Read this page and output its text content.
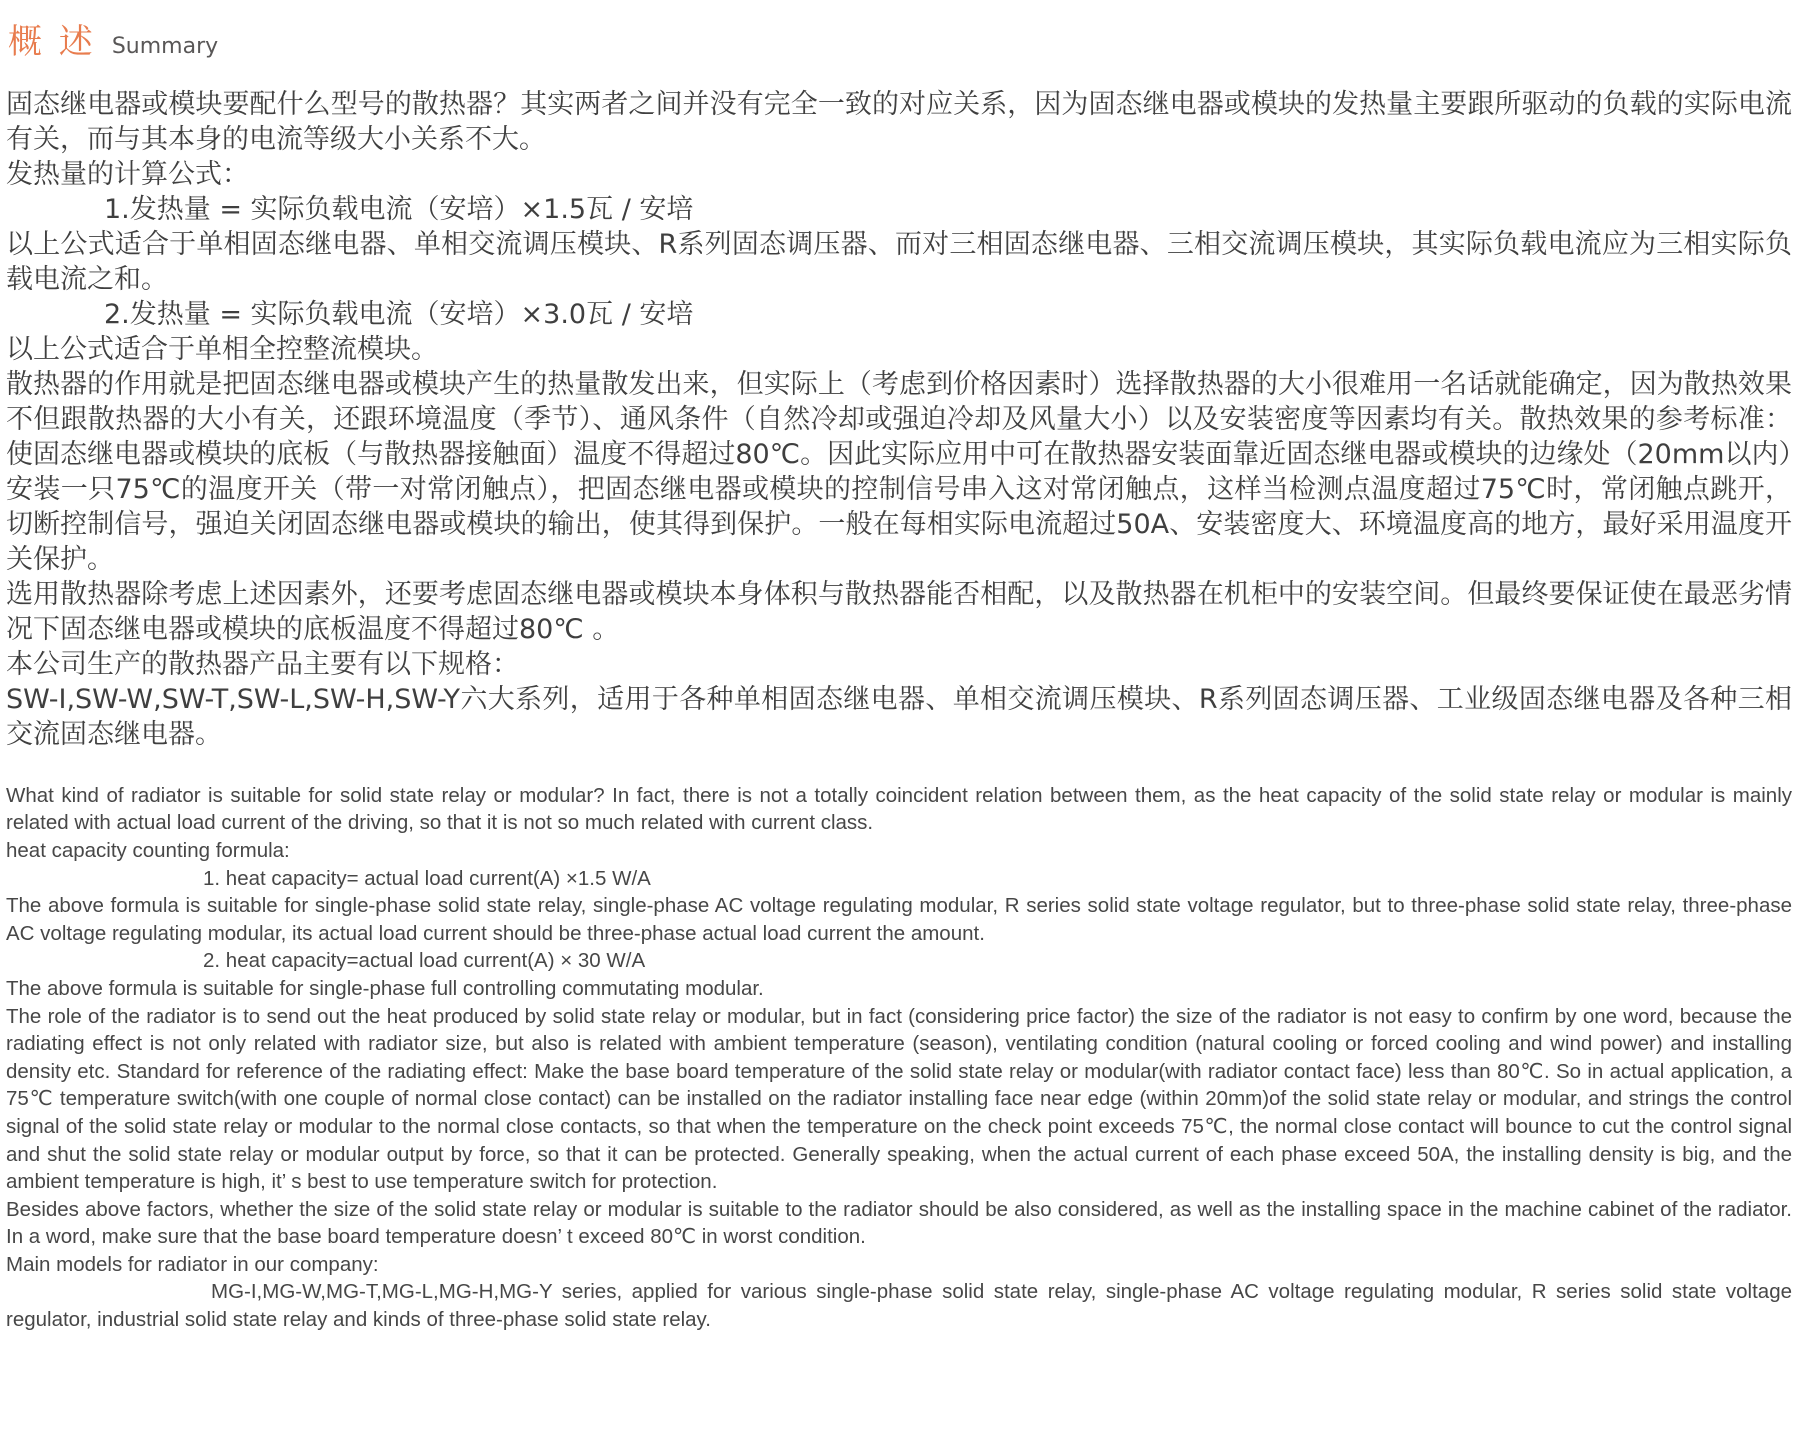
概 述 Summary

固态继电器或模块要配什么型号的散热器？其实两者之间并没有完全一致的对应关系，因为固态继电器或模块的发热量主要跟所驱动的负载的实际电流有关，而与其本身的电流等级大小关系不大。

发热量的计算公式：

1.发热量 = 实际负载电流（安培）×1.5瓦 / 安培

以上公式适合于单相固态继电器、单相交流调压模块、R系列固态调压器、而对三相固态继电器、三相交流调压模块，其实际负载电流应为三相实际负载电流之和。

2.发热量 = 实际负载电流（安培）×3.0瓦 / 安培

以上公式适合于单相全控整流模块。

散热器的作用就是把固态继电器或模块产生的热量散发出来，但实际上（考虑到价格因素时）选择散热器的大小很难用一名话就能确定，因为散热效果不但跟散热器的大小有关，还跟环境温度（季节）、通风条件（自然冷却或强迫冷却及风量大小）以及安装密度等因素均有关。散热效果的参考标准：使固态继电器或模块的底板（与散热器接触面）温度不得超过80℃。因此实际应用中可在散热器安装面靠近固态继电器或模块的边缘处（20mm以内）安装一只75℃的温度开关（带一对常闭触点），把固态继电器或模块的控制信号串入这对常闭触点，这样当检测点温度超过75℃时，常闭触点跳开，切断控制信号，强迫关闭固态继电器或模块的输出，使其得到保护。一般在每相实际电流超过50A、安装密度大、环境温度高的地方，最好采用温度开关保护。

选用散热器除考虑上述因素外，还要考虑固态继电器或模块本身体积与散热器能否相配，以及散热器在机柜中的安装空间。但最终要保证使在最恶劣情况下固态继电器或模块的底板温度不得超过80℃ 。

本公司生产的散热器产品主要有以下规格：

SW-I,SW-W,SW-T,SW-L,SW-H,SW-Y六大系列，适用于各种单相固态继电器、单相交流调压模块、R系列固态调压器、工业级固态继电器及各种三相交流固态继电器。

What kind of radiator is suitable for solid state relay or modular? In fact, there is not a totally coincident relation between them, as the heat capacity of the solid state relay or modular is mainly related with actual load current of the driving, so that it is not so much related with current class.

heat capacity counting formula:

1. heat capacity= actual load current(A) ×1.5 W/A

The above formula is suitable for single-phase solid state relay, single-phase AC voltage regulating modular, R series solid state voltage regulator, but to three-phase solid state relay, three-phase AC voltage regulating modular, its actual load current should be three-phase actual load current the amount.

2. heat capacity=actual load current(A) × 30 W/A

The above formula is suitable for single-phase full controlling commutating modular.

The role of the radiator is to send out the heat produced by solid state relay or modular, but in fact (considering price factor) the size of the radiator is not easy to confirm by one word, because the radiating effect is not only related with radiator size, but also is related with ambient temperature (season), ventilating condition (natural cooling or forced cooling and wind power) and installing density etc. Standard for reference of the radiating effect: Make the base board temperature of the solid state relay or modular(with radiator contact face) less than 80℃. So in actual application, a 75℃ temperature switch(with one couple of normal close contact) can be installed on the radiator installing face near edge (within 20mm)of the solid state relay or modular, and strings the control signal of the solid state relay or modular to the normal close contacts, so that when the temperature on the check point exceeds 75℃, the normal close contact will bounce to cut the control signal and shut the solid state relay or modular output by force, so that it can be protected. Generally speaking, when the actual current of each phase exceed 50A, the installing density is big, and the ambient temperature is high, it’ s best to use temperature switch for protection.

Besides above factors, whether the size of the solid state relay or modular is suitable to the radiator should be also considered, as well as the installing space in the machine cabinet of the radiator. In a word, make sure that the base board temperature doesn’ t exceed 80℃ in worst condition.

Main models for radiator in our company:

MG-I,MG-W,MG-T,MG-L,MG-H,MG-Y series, applied for various single-phase solid state relay, single-phase AC voltage regulating modular, R series solid state voltage regulator, industrial solid state relay and kinds of three-phase solid state relay.
